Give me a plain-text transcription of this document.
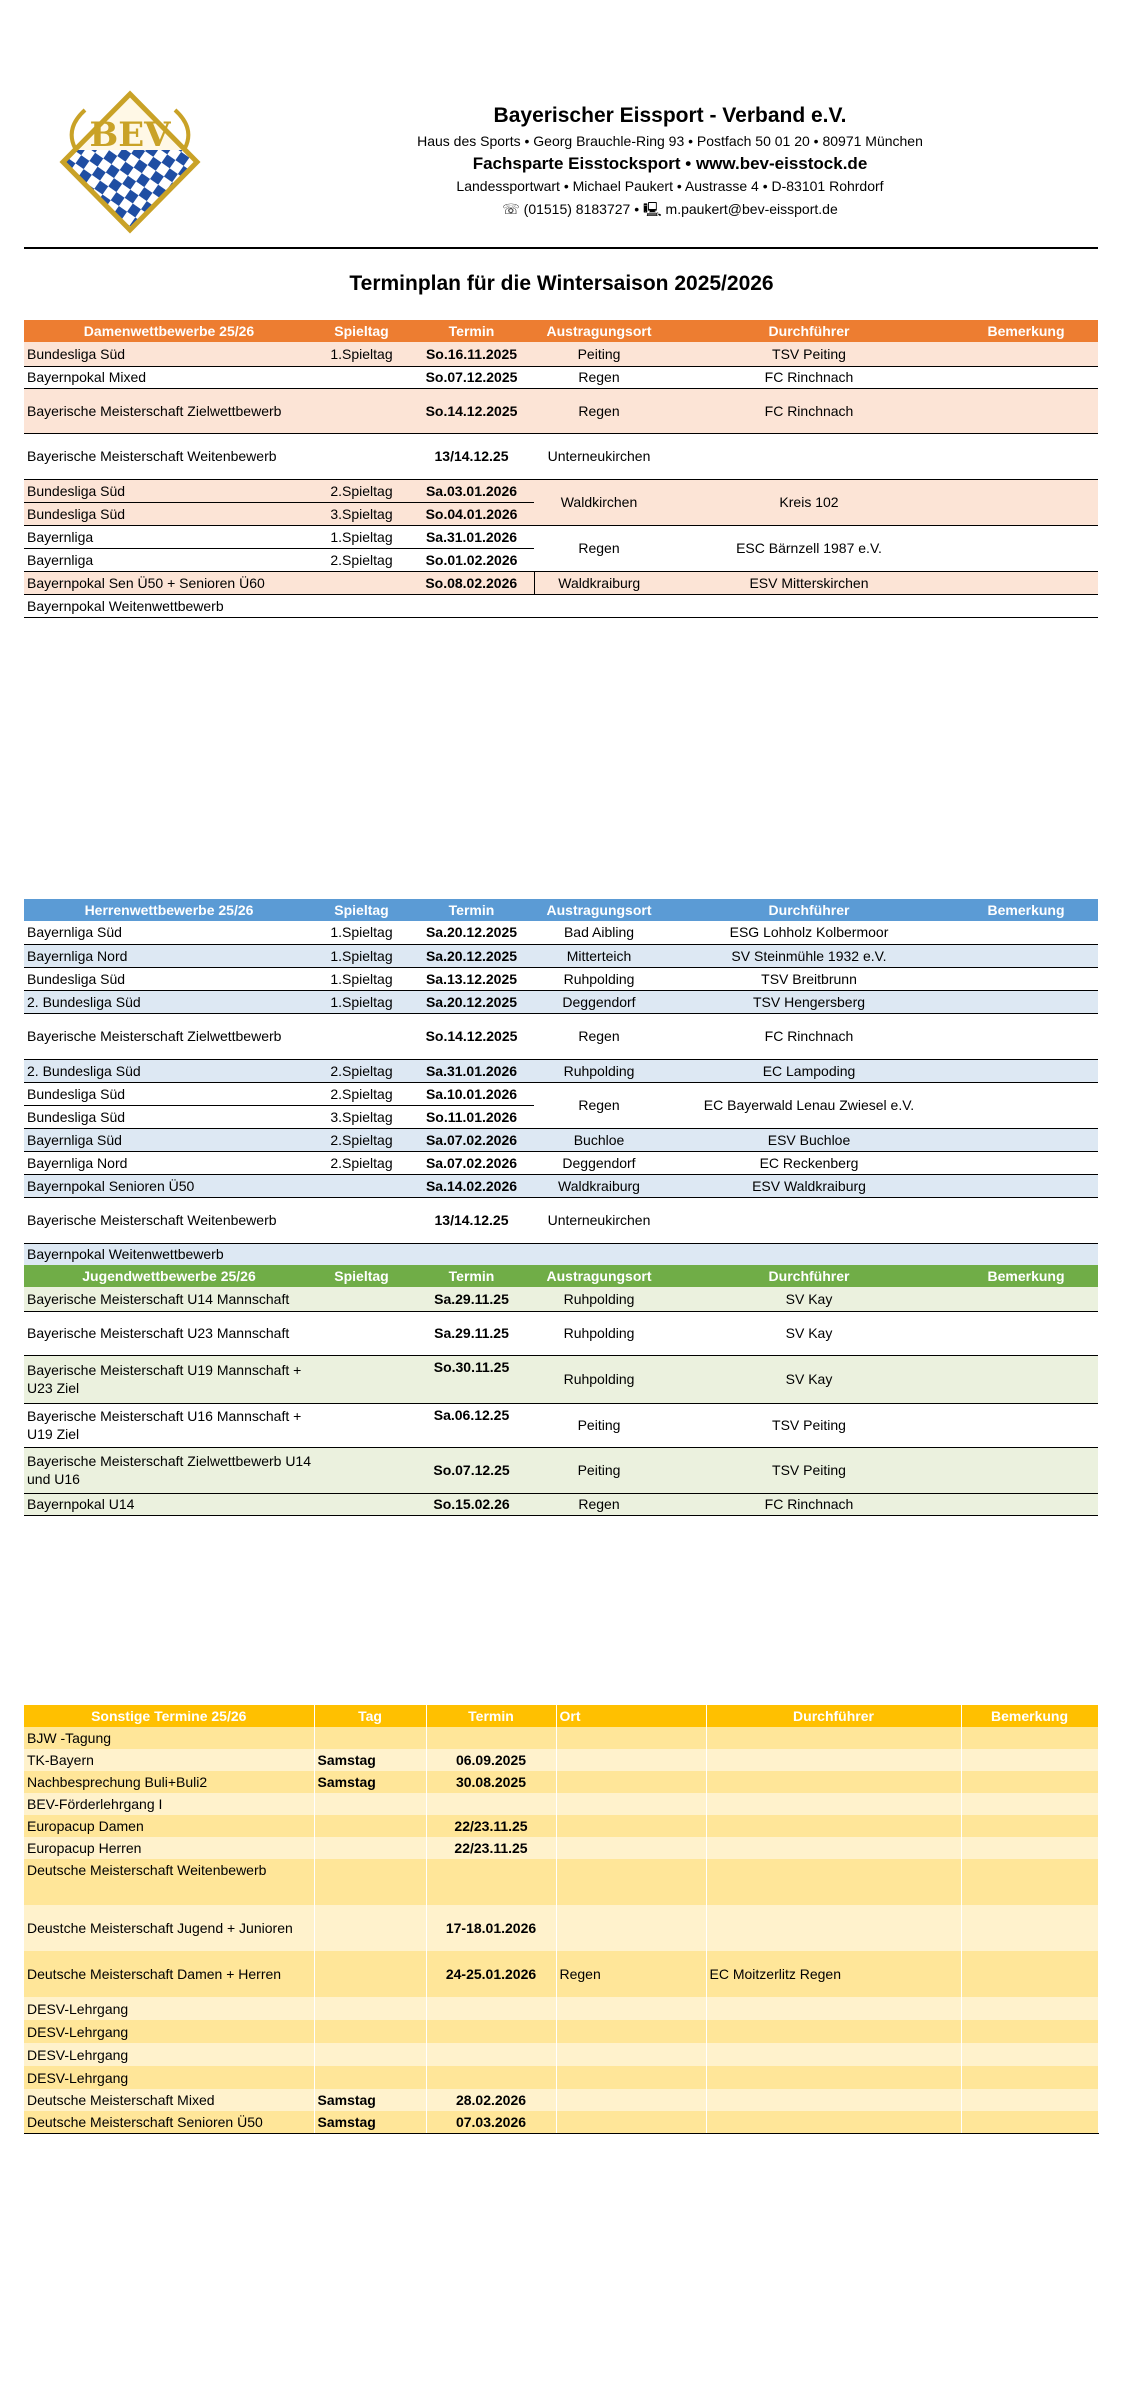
BEV	Bayerischer Eissport - Verband e.V.
Haus des Sports • Georg Brauchle-Ring 93 • Postfach 50 01 20 • 80971 München
Fachsparte Eisstocksport • www.bev-eisstock.de
Landessportwart • Michael Paukert • Austrasse 4 • D-83101 Rohrdorf
☏ (01515) 8183727 • 🖳 m.paukert@bev-eissport.de
Terminplan für die Wintersaison 2025/2026
Damenwettbewerbe 25/26	Spieltag	Termin	Austragungsort	Durchführer	Bemerkung
Bundesliga Süd	1.Spieltag	So.16.11.2025	Peiting	TSV Peiting	
Bayernpokal Mixed		So.07.12.2025	Regen	FC Rinchnach	
Bayerische Meisterschaft Zielwettbewerb		So.14.12.2025	Regen	FC Rinchnach	
Bayerische Meisterschaft Weitenbewerb		13/14.12.25	Unterneukirchen		
Bundesliga Süd	2.Spieltag	Sa.03.01.2026	Waldkirchen	Kreis 102	
Bundesliga Süd	3.Spieltag	So.04.01.2026			
Bayernliga	1.Spieltag	Sa.31.01.2026	Regen	ESC Bärnzell 1987 e.V.	
Bayernliga	2.Spieltag	So.01.02.2026			
Bayernpokal Sen Ü50 + Senioren Ü60		So.08.02.2026	Waldkraiburg	ESV Mitterskirchen	
Bayernpokal Weitenwettbewerb					
Herrenwettbewerbe 25/26	Spieltag	Termin	Austragungsort	Durchführer	Bemerkung
Bayernliga Süd	1.Spieltag	Sa.20.12.2025	Bad Aibling	ESG Lohholz Kolbermoor	
Bayernliga Nord	1.Spieltag	Sa.20.12.2025	Mitterteich	SV Steinmühle 1932 e.V.	
Bundesliga Süd	1.Spieltag	Sa.13.12.2025	Ruhpolding	TSV Breitbrunn	
2. Bundesliga Süd	1.Spieltag	Sa.20.12.2025	Deggendorf	TSV Hengersberg	
Bayerische Meisterschaft Zielwettbewerb		So.14.12.2025	Regen	FC Rinchnach	
2. Bundesliga Süd	2.Spieltag	Sa.31.01.2026	Ruhpolding	EC Lampoding	
Bundesliga Süd	2.Spieltag	Sa.10.01.2026	Regen	EC Bayerwald Lenau Zwiesel e.V.	
Bundesliga Süd	3.Spieltag	So.11.01.2026			
Bayernliga Süd	2.Spieltag	Sa.07.02.2026	Buchloe	ESV Buchloe	
Bayernliga Nord	2.Spieltag	Sa.07.02.2026	Deggendorf	EC Reckenberg	
Bayernpokal Senioren Ü50		Sa.14.02.2026	Waldkraiburg	ESV Waldkraiburg	
Bayerische Meisterschaft Weitenbewerb		13/14.12.25	Unterneukirchen		
Bayernpokal Weitenwettbewerb					
Jugendwettbewerbe 25/26	Spieltag	Termin	Austragungsort	Durchführer	Bemerkung
Bayerische Meisterschaft U14 Mannschaft		Sa.29.11.25	Ruhpolding	SV Kay	
Bayerische Meisterschaft U23 Mannschaft		Sa.29.11.25	Ruhpolding	SV Kay	
Bayerische Meisterschaft U19 Mannschaft + U23 Ziel		So.30.11.25	Ruhpolding	SV Kay	
Bayerische Meisterschaft U16 Mannschaft + U19 Ziel		Sa.06.12.25	Peiting	TSV Peiting	
Bayerische Meisterschaft Zielwettbewerb U14 und U16		So.07.12.25	Peiting	TSV Peiting	
Bayernpokal U14		So.15.02.26	Regen	FC Rinchnach	
Sonstige Termine 25/26	Tag	Termin	Ort	Durchführer	Bemerkung
BJW -Tagung					
TK-Bayern	Samstag	06.09.2025			
Nachbesprechung Buli+Buli2	Samstag	30.08.2025			
BEV-Förderlehrgang I					
Europacup Damen		22/23.11.25			
Europacup Herren		22/23.11.25			
Deutsche Meisterschaft Weitenbewerb					
Deustche Meisterschaft Jugend + Junioren		17-18.01.2026			
Deutsche Meisterschaft Damen + Herren		24-25.01.2026	Regen	EC Moitzerlitz Regen	
DESV-Lehrgang					
DESV-Lehrgang					
DESV-Lehrgang					
DESV-Lehrgang					
Deutsche Meisterschaft Mixed	Samstag	28.02.2026			
Deutsche Meisterschaft Senioren Ü50	Samstag	07.03.2026			
